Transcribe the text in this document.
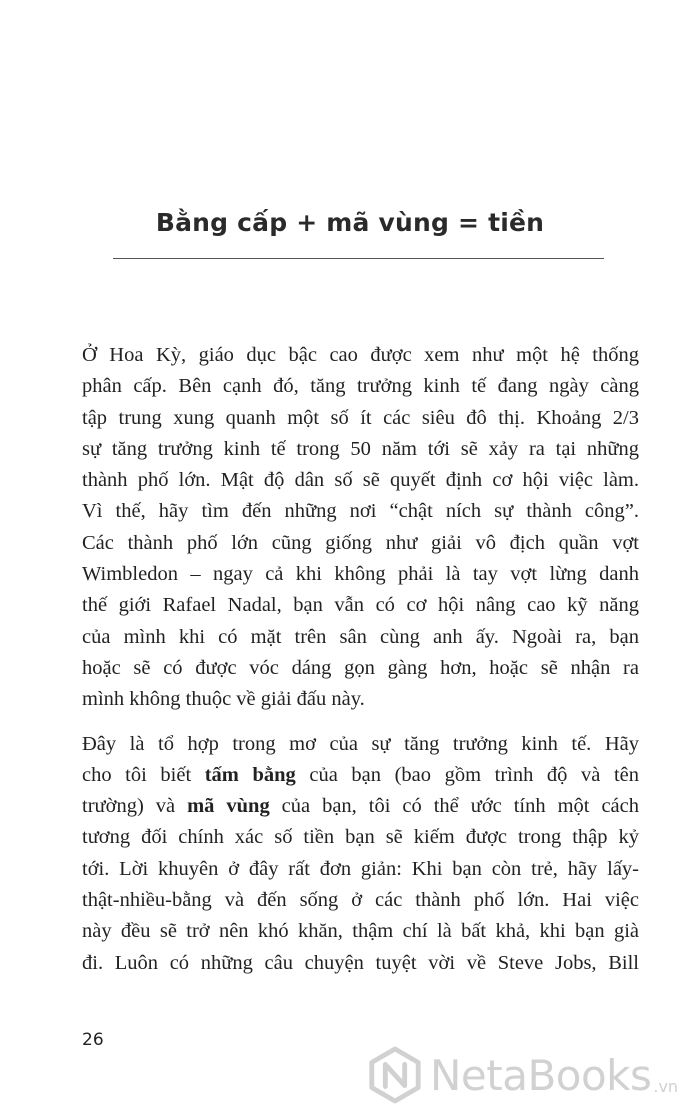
Bằng cấp + mã vùng = tiền

Ở Hoa Kỳ, giáo dục bậc cao được xem như một hệ thống
phân cấp. Bên cạnh đó, tăng trưởng kinh tế đang ngày càng
tập trung xung quanh một số ít các siêu đô thị. Khoảng 2/3
sự tăng trưởng kinh tế trong 50 năm tới sẽ xảy ra tại những
thành phố lớn. Mật độ dân số sẽ quyết định cơ hội việc làm.
Vì thế, hãy tìm đến những nơi “chật ních sự thành công”.
Các thành phố lớn cũng giống như giải vô địch quần vợt
Wimbledon – ngay cả khi không phải là tay vợt lừng danh
thế giới Rafael Nadal, bạn vẫn có cơ hội nâng cao kỹ năng
của mình khi có mặt trên sân cùng anh ấy. Ngoài ra, bạn
hoặc sẽ có được vóc dáng gọn gàng hơn, hoặc sẽ nhận ra
mình không thuộc về giải đấu này.

Đây là tổ hợp trong mơ của sự tăng trưởng kinh tế. Hãy
cho tôi biết tấm bằng của bạn (bao gồm trình độ và tên
trường) và mã vùng của bạn, tôi có thể ước tính một cách
tương đối chính xác số tiền bạn sẽ kiếm được trong thập kỷ
tới. Lời khuyên ở đây rất đơn giản: Khi bạn còn trẻ, hãy lấy-
thật-nhiều-bằng và đến sống ở các thành phố lớn. Hai việc
này đều sẽ trở nên khó khăn, thậm chí là bất khả, khi bạn già
đi. Luôn có những câu chuyện tuyệt vời về Steve Jobs, Bill

26
NetaBooks .vn
